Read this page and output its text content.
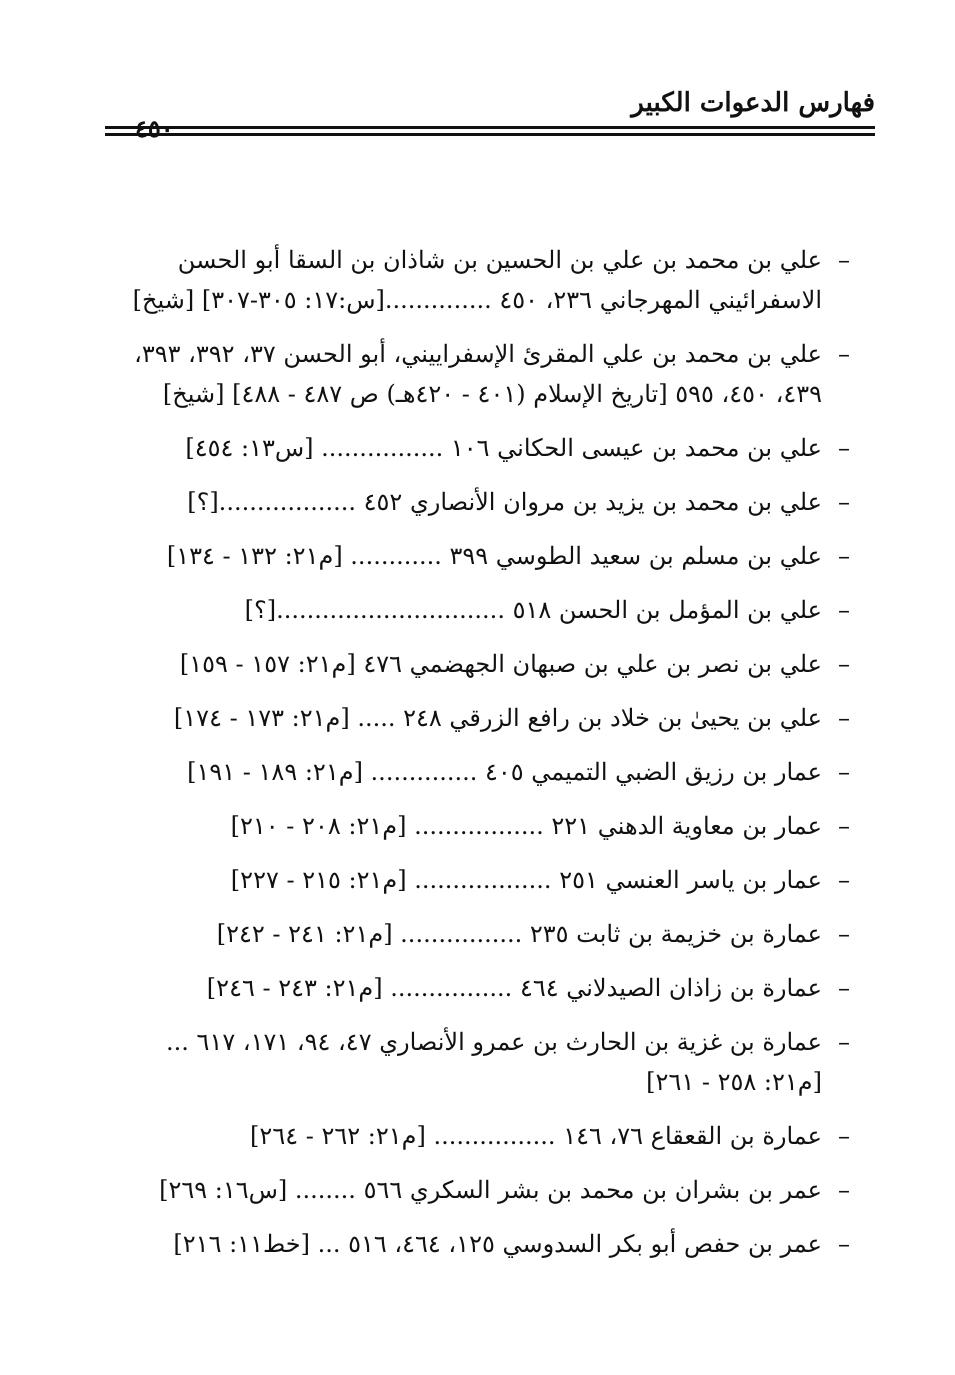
فهارس الدعوات الكبير
–
علي بن محمد بن علي بن الحسين بن شاذان بن السقا أبو الحسن الاسفرائيني المهرجاني ٢٣٦، ٤٥٠ ..............[س:١٧: ٣٠٥-٣٠٧] [شيخ]
–
علي بن محمد بن علي المقرئ الإسفراييني، أبو الحسن ٣٧، ٣٩٢، ٣٩٣، ٤٣٩، ٤٥٠، ٥٩٥ [تاريخ الإسلام (٤٠١ - ٤٢٠هـ) ص ٤٨٧ - ٤٨٨] [شيخ]
–
علي بن محمد بن عيسى الحكاني ١٠٦ ................ [س١٣: ٤٥٤]
–
علي بن محمد بن يزيد بن مروان الأنصاري ٤٥٢ ..................[؟]
–
علي بن مسلم بن سعيد الطوسي ٣٩٩ ............ [م٢١: ١٣٢ - ١٣٤]
–
علي بن المؤمل بن الحسن ٥١٨ ..............................[؟]
–
علي بن نصر بن علي بن صبهان الجهضمي ٤٧٦ [م٢١: ١٥٧ - ١٥٩]
–
علي بن يحيىٰ بن خلاد بن رافع الزرقي ٢٤٨ ..... [م٢١: ١٧٣ - ١٧٤]
–
عمار بن رزيق الضبي التميمي ٤٠٥ .............. [م٢١: ١٨٩ - ١٩١]
–
عمار بن معاوية الدهني ٢٢١ ................. [م٢١: ٢٠٨ - ٢١٠]
–
عمار بن ياسر العنسي ٢٥١ .................. [م٢١: ٢١٥ - ٢٢٧]
–
عمارة بن خزيمة بن ثابت ٢٣٥ ................ [م٢١: ٢٤١ - ٢٤٢]
–
عمارة بن زاذان الصيدلاني ٤٦٤ ................ [م٢١: ٢٤٣ - ٢٤٦]
–
عمارة بن غزية بن الحارث بن عمرو الأنصاري ٤٧، ٩٤، ١٧١، ٦١٧ ... [م٢١: ٢٥٨ - ٢٦١]
–
عمارة بن القعقاع ٧٦، ١٤٦ ................ [م٢١: ٢٦٢ - ٢٦٤]
–
عمر بن بشران بن محمد بن بشر السكري ٥٦٦ ........ [س١٦: ٢٦٩]
–
عمر بن حفص أبو بكر السدوسي ١٢٥، ٤٦٤، ٥١٦ ... [خط١١: ٢١٦]
